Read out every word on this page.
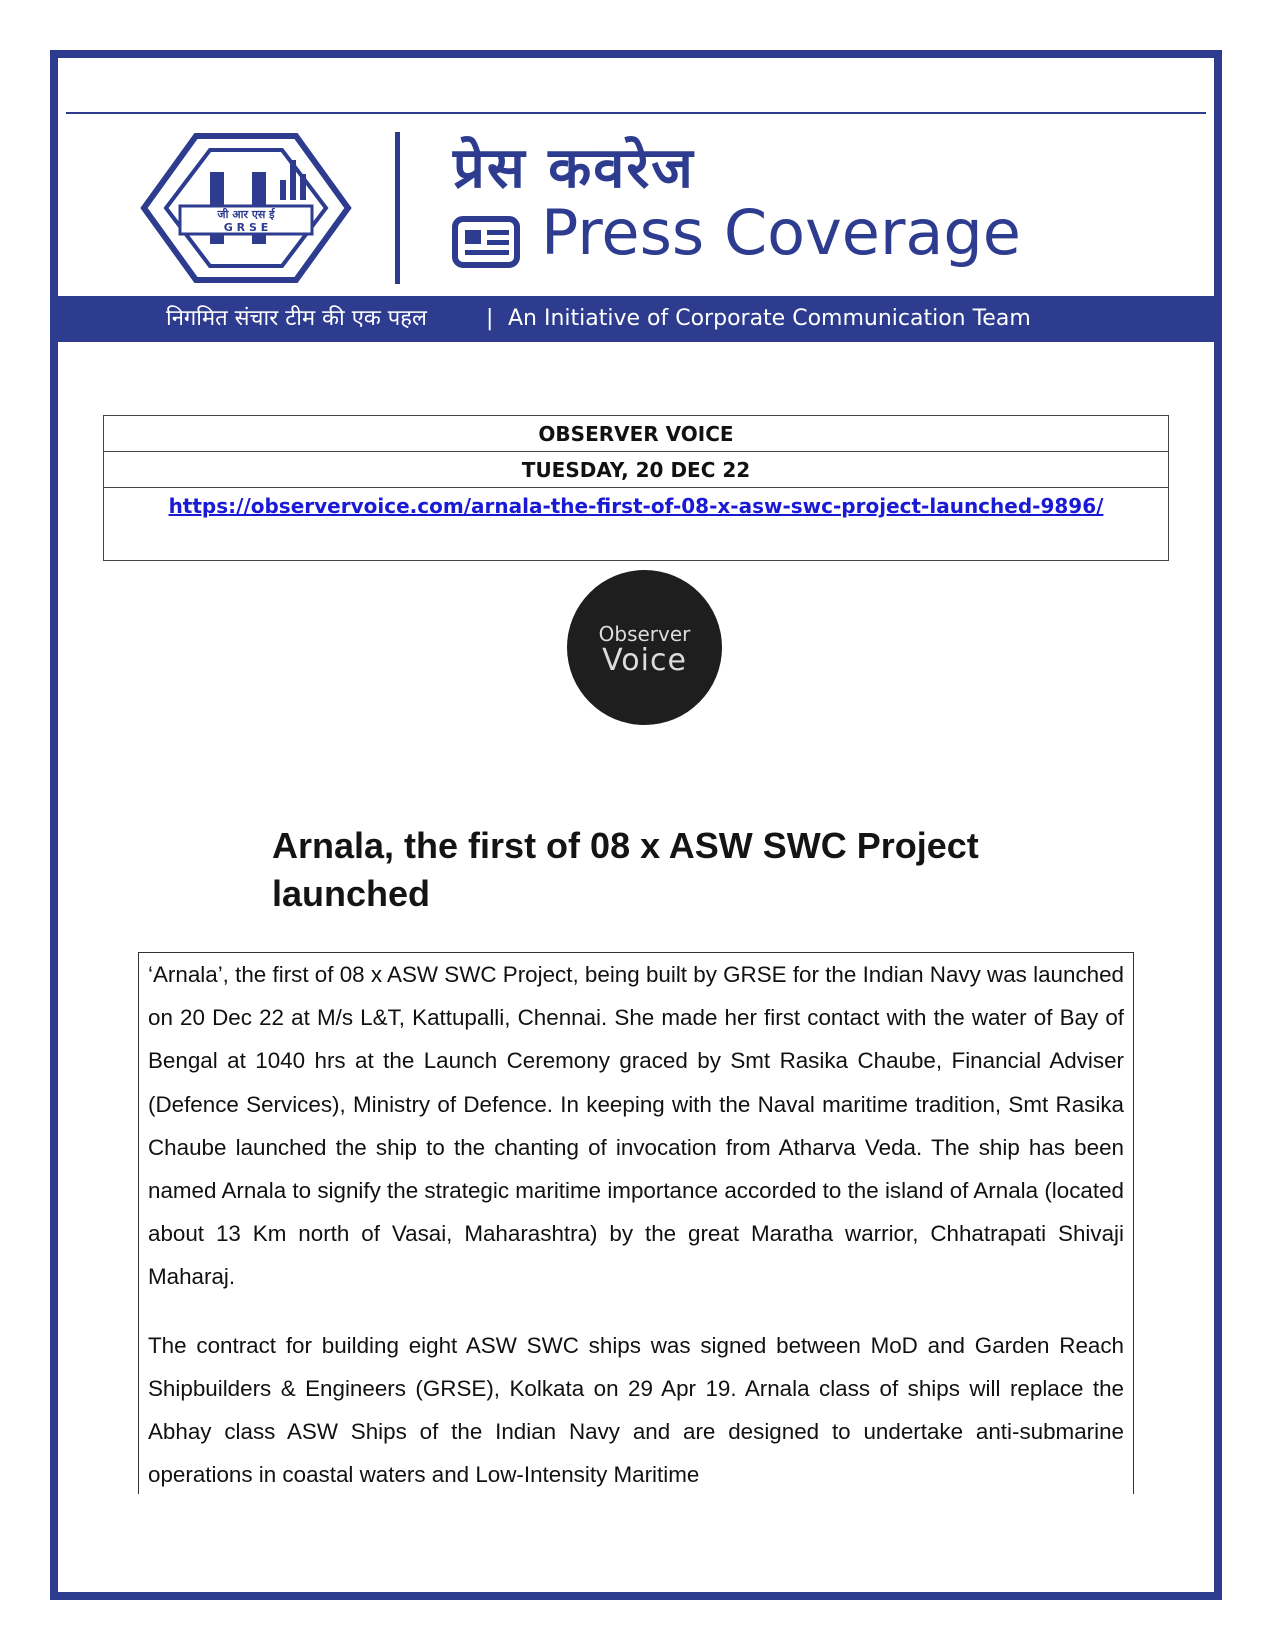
जी आर एस ई
G R S E
प्रेस कवरेज
Press Coverage
निगमित संचार टीम की एक पहल	| An Initiative of Corporate Communication Team
OBSERVER VOICE
TUESDAY, 20 DEC 22
https://observervoice.com/arnala-the-first-of-08-x-asw-swc-project-launched-9896/
Observer
Voice
Arnala, the first of 08 x ASW SWC Project launched

‘Arnala’, the first of 08 x ASW SWC Project, being built by GRSE for the Indian Navy was launched on 20 Dec 22 at M/s L&T, Kattupalli, Chennai. She made her first contact with the water of Bay of Bengal at 1040 hrs at the Launch Ceremony graced by Smt Rasika Chaube, Financial Adviser (Defence Services), Ministry of Defence. In keeping with the Naval maritime tradition, Smt Rasika Chaube launched the ship to the chanting of invocation from Atharva Veda. The ship has been named Arnala to signify the strategic maritime importance accorded to the island of Arnala (located about 13 Km north of Vasai, Maharashtra) by the great Maratha warrior, Chhatrapati Shivaji Maharaj.

The contract for building eight ASW SWC ships was signed between MoD and Garden Reach Shipbuilders & Engineers (GRSE), Kolkata on 29 Apr 19. Arnala class of ships will replace the Abhay class ASW Ships of the Indian Navy and are designed to undertake anti-submarine operations in coastal waters and Low-Intensity Maritime
